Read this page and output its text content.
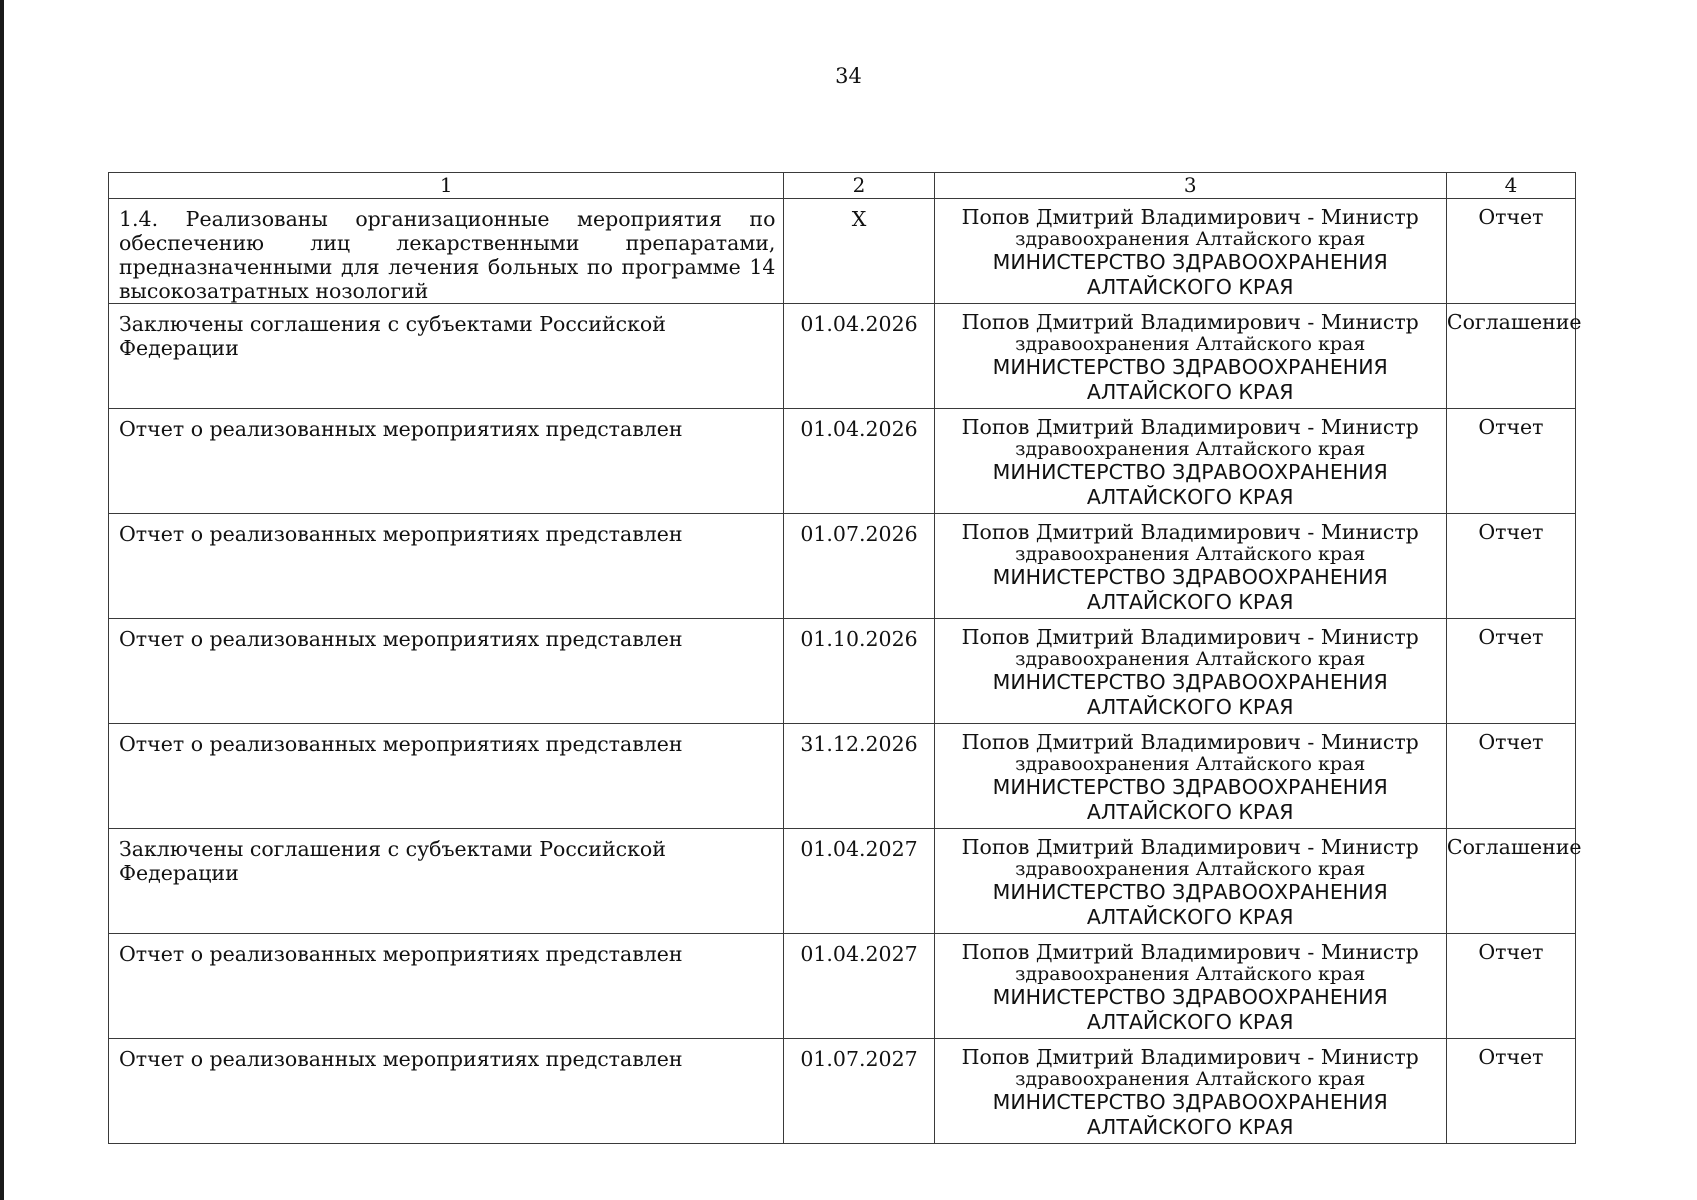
34
1	2	3	4
1.4. Реализованы организационные мероприятия по обеспечению лиц лекарственными препаратами, предназначенными для лечения больных по программе 14 высокозатратных нозологий	Х	Попов Дмитрий Владимирович - Министр
здравоохранения Алтайского края
МИНИСТЕРСТВО ЗДРАВООХРАНЕНИЯ АЛТАЙСКОГО КРАЯ	Отчет
Заключены соглашения с субъектами Российской Федерации	01.04.2026	Попов Дмитрий Владимирович - Министр
здравоохранения Алтайского края
МИНИСТЕРСТВО ЗДРАВООХРАНЕНИЯ АЛТАЙСКОГО КРАЯ	Соглашение
Отчет о реализованных мероприятиях представлен	01.04.2026	Попов Дмитрий Владимирович - Министр
здравоохранения Алтайского края
МИНИСТЕРСТВО ЗДРАВООХРАНЕНИЯ АЛТАЙСКОГО КРАЯ	Отчет
Отчет о реализованных мероприятиях представлен	01.07.2026	Попов Дмитрий Владимирович - Министр
здравоохранения Алтайского края
МИНИСТЕРСТВО ЗДРАВООХРАНЕНИЯ АЛТАЙСКОГО КРАЯ	Отчет
Отчет о реализованных мероприятиях представлен	01.10.2026	Попов Дмитрий Владимирович - Министр
здравоохранения Алтайского края
МИНИСТЕРСТВО ЗДРАВООХРАНЕНИЯ АЛТАЙСКОГО КРАЯ	Отчет
Отчет о реализованных мероприятиях представлен	31.12.2026	Попов Дмитрий Владимирович - Министр
здравоохранения Алтайского края
МИНИСТЕРСТВО ЗДРАВООХРАНЕНИЯ АЛТАЙСКОГО КРАЯ	Отчет
Заключены соглашения с субъектами Российской Федерации	01.04.2027	Попов Дмитрий Владимирович - Министр
здравоохранения Алтайского края
МИНИСТЕРСТВО ЗДРАВООХРАНЕНИЯ АЛТАЙСКОГО КРАЯ	Соглашение
Отчет о реализованных мероприятиях представлен	01.04.2027	Попов Дмитрий Владимирович - Министр
здравоохранения Алтайского края
МИНИСТЕРСТВО ЗДРАВООХРАНЕНИЯ АЛТАЙСКОГО КРАЯ	Отчет
Отчет о реализованных мероприятиях представлен	01.07.2027	Попов Дмитрий Владимирович - Министр
здравоохранения Алтайского края
МИНИСТЕРСТВО ЗДРАВООХРАНЕНИЯ АЛТАЙСКОГО КРАЯ	Отчет
